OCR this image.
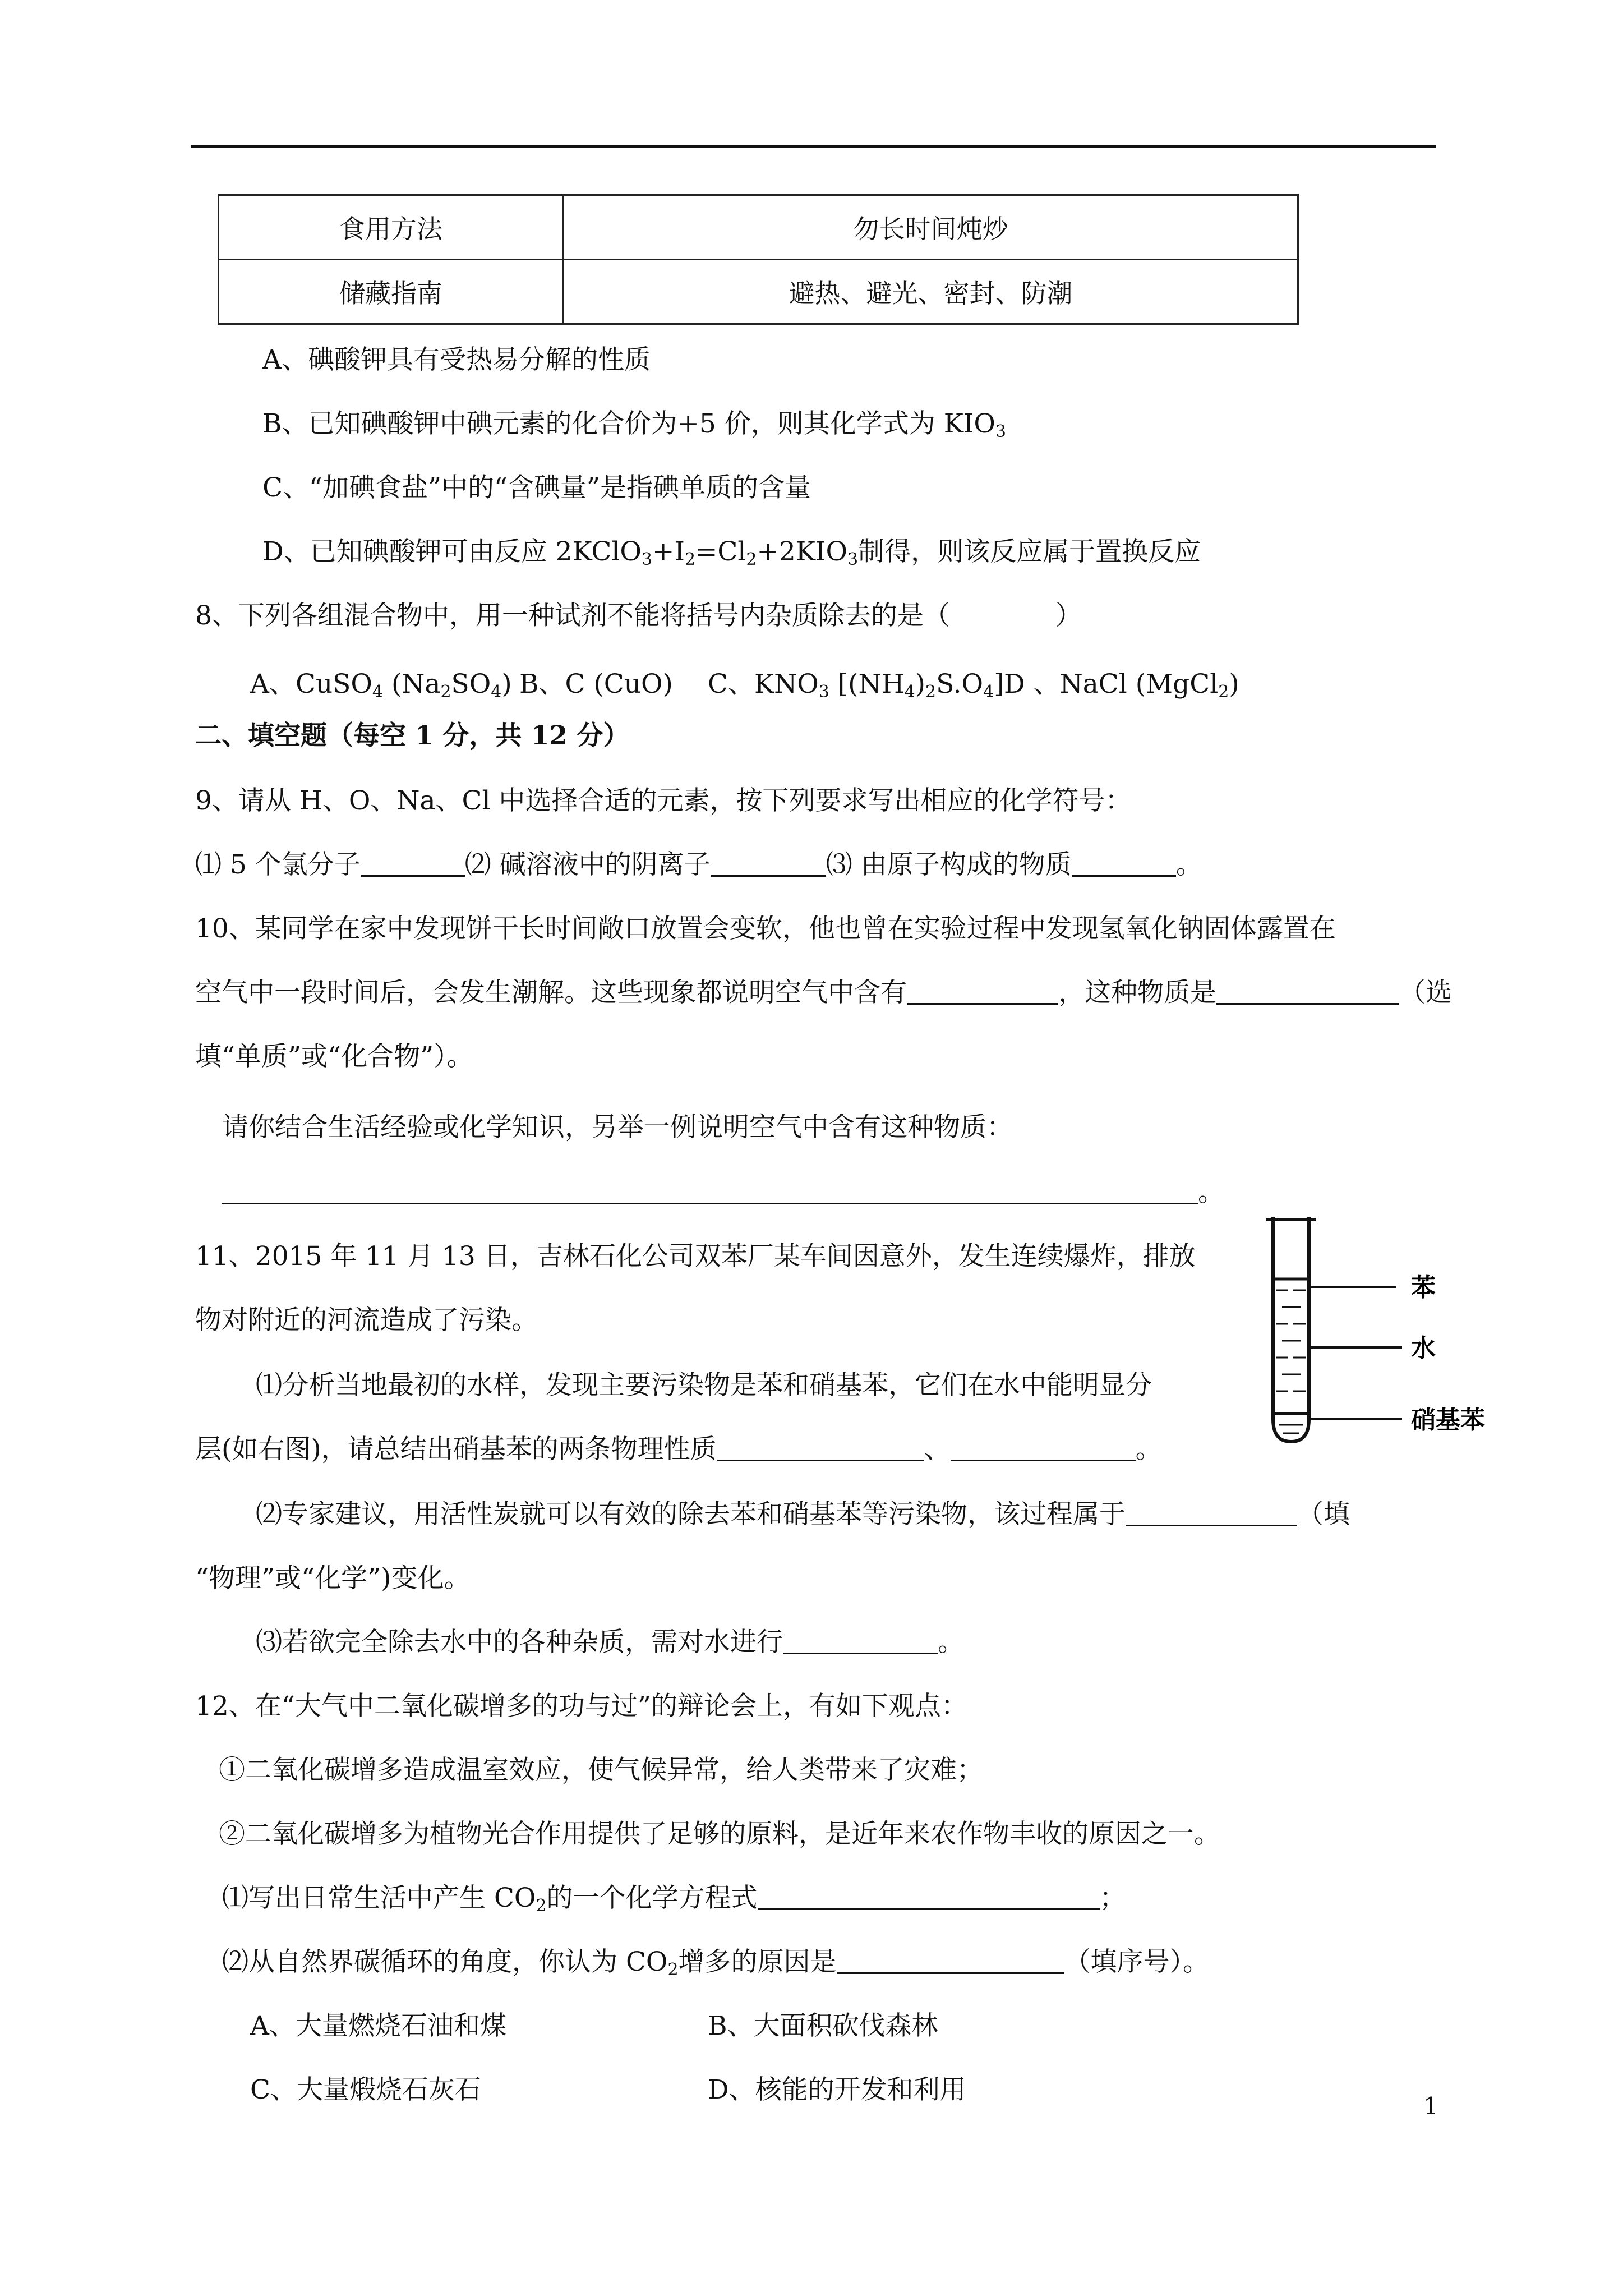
食用方法	勿长时间炖炒
储藏指南	避热、避光、密封、防潮
A、碘酸钾具有受热易分解的性质
B、已知碘酸钾中碘元素的化合价为+5 价，则其化学式为 $KIO_3$
C、“加碘食盐”中的“含碘量”是指碘单质的含量
D、已知碘酸钾可由反应 $2KClO_3+I_2=Cl_2+2KIO_3$制得，则该反应属于置换反应
8、下列各组混合物中，用一种试剂不能将括号内杂质除去的是（　　　　）
A、CuSO$_4$ $(Na_2SO_4)$ B、C (CuO) C、$KNO_3$ $[(NH_4)_2S.O_4]$ D 、NaCl (MgCl$_2$)
二、填空题（每空 1 分，共 12 分）
9、请从 H、O、Na、Cl 中选择合适的元素，按下列要求写出相应的化学符号：
⑴ 5 个氯分子	⑵ 碱溶液中的阴离子	⑶ 由原子构成的物质	。
10、某同学在家中发现饼干长时间敞口放置会变软，他也曾在实验过程中发现氢氧化钠固体露置在
空气中一段时间后，会发生潮解。这些现象都说明空气中含有	，这种物质是	（选
填“单质”或“化合物”）。
请你结合生活经验或化学知识，另举一例说明空气中含有这种物质：
。
11、2015 年 11 月 13 日，吉林石化公司双苯厂某车间因意外，发生连续爆炸，排放
物对附近的河流造成了污染。
⑴分析当地最初的水样，发现主要污染物是苯和硝基苯，它们在水中能明显分
层(如右图)，请总结出硝基苯的两条物理性质	、	。
⑵专家建议，用活性炭就可以有效的除去苯和硝基苯等污染物，该过程属于	（填
“物理”或“化学”)变化。
⑶若欲完全除去水中的各种杂质，需对水进行	。
苯
水
硝基苯
12、在“大气中二氧化碳增多的功与过”的辩论会上，有如下观点：
①二氧化碳增多造成温室效应，使气候异常，给人类带来了灾难；
②二氧化碳增多为植物光合作用提供了足够的原料，是近年来农作物丰收的原因之一。
⑴写出日常生活中产生 $CO_2$的一个化学方程式	；
⑵从自然界碳循环的角度，你认为 $CO_2$增多的原因是	（填序号）。
A、大量燃烧石油和煤	B、大面积砍伐森林
C、大量煅烧石灰石	D、核能的开发和利用
1
